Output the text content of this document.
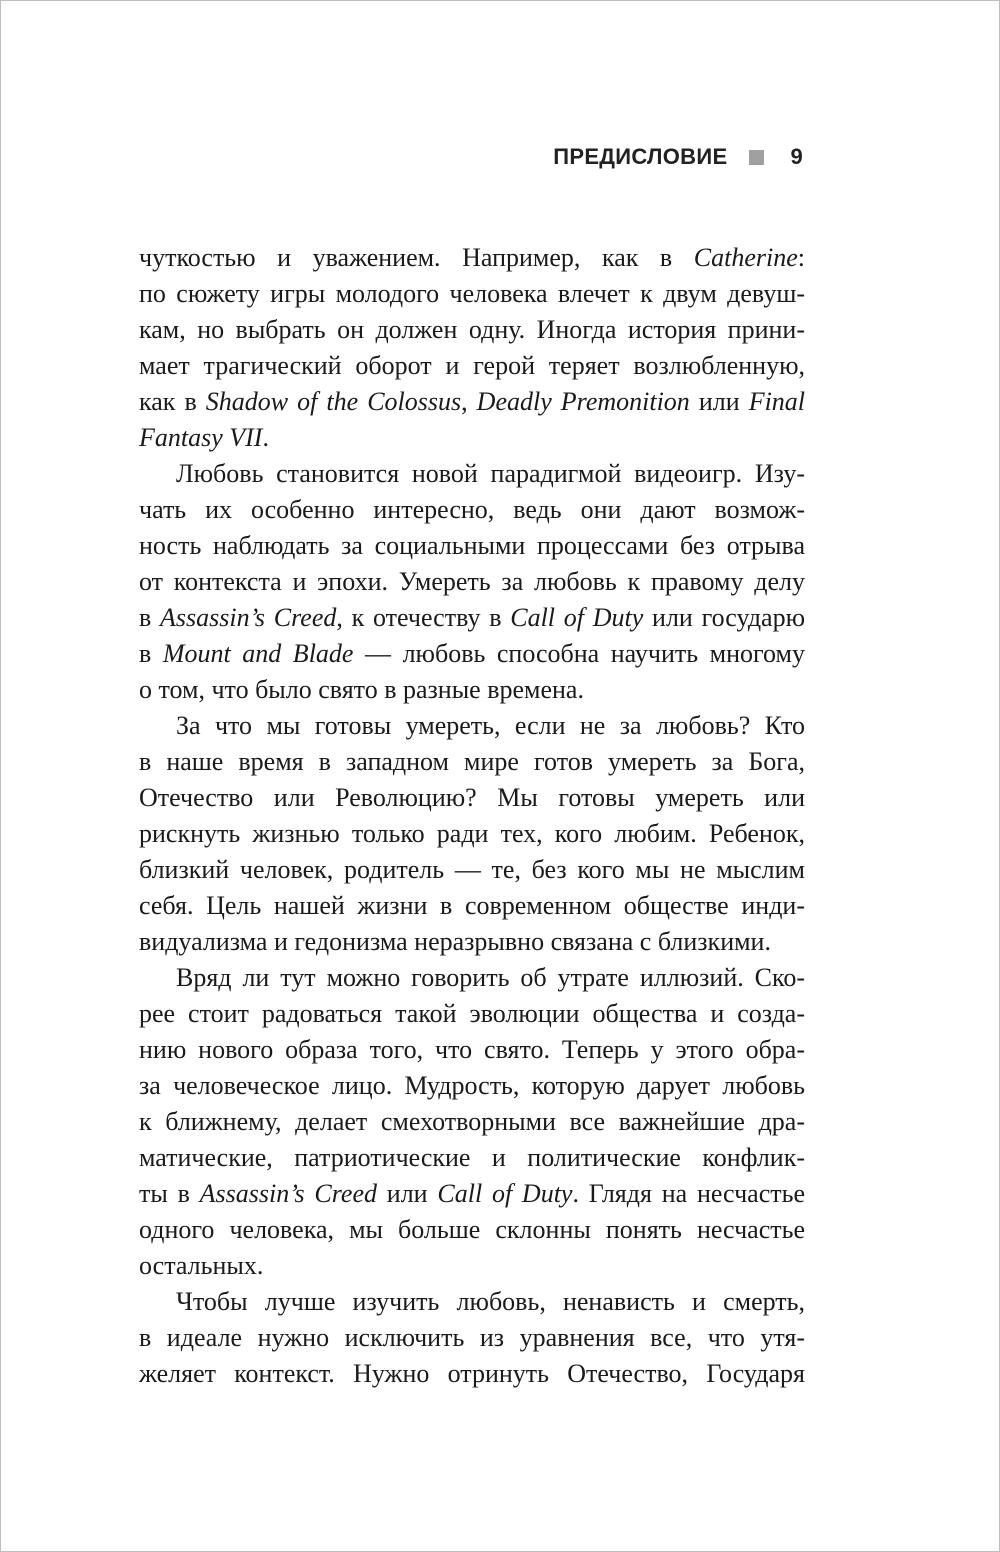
ПРЕДИСЛОВИЕ	9
чуткостью и уважением. Например, как в Catherine:
по сюжету игры молодого человека влечет к двум девуш-
кам, но выбрать он должен одну. Иногда история прини-
мает трагический оборот и герой теряет возлюбленную,
как в Shadow of the Colossus, Deadly Premonition или Final
Fantasy VII.
Любовь становится новой парадигмой видеоигр. Изу-
чать их особенно интересно, ведь они дают возмож-
ность наблюдать за социальными процессами без отрыва
от контекста и эпохи. Умереть за любовь к правому делу
в Assassin’s Creed, к отечеству в Call of Duty или государю
в Mount and Blade — любовь способна научить многому
о том, что было свято в разные времена.
За что мы готовы умереть, если не за любовь? Кто
в наше время в западном мире готов умереть за Бога,
Отечество или Революцию? Мы готовы умереть или
рискнуть жизнью только ради тех, кого любим. Ребенок,
близкий человек, родитель — те, без кого мы не мыслим
себя. Цель нашей жизни в современном обществе инди-
видуализма и гедонизма неразрывно связана с близкими.
Вряд ли тут можно говорить об утрате иллюзий. Ско-
рее стоит радоваться такой эволюции общества и созда-
нию нового образа того, что свято. Теперь у этого обра-
за человеческое лицо. Мудрость, которую дарует любовь
к ближнему, делает смехотворными все важнейшие дра-
матические, патриотические и политические конфлик-
ты в Assassin’s Creed или Call of Duty. Глядя на несчастье
одного человека, мы больше склонны понять несчастье
остальных.
Чтобы лучше изучить любовь, ненависть и смерть,
в идеале нужно исключить из уравнения все, что утя-
желяет контекст. Нужно отринуть Отечество, Государя
